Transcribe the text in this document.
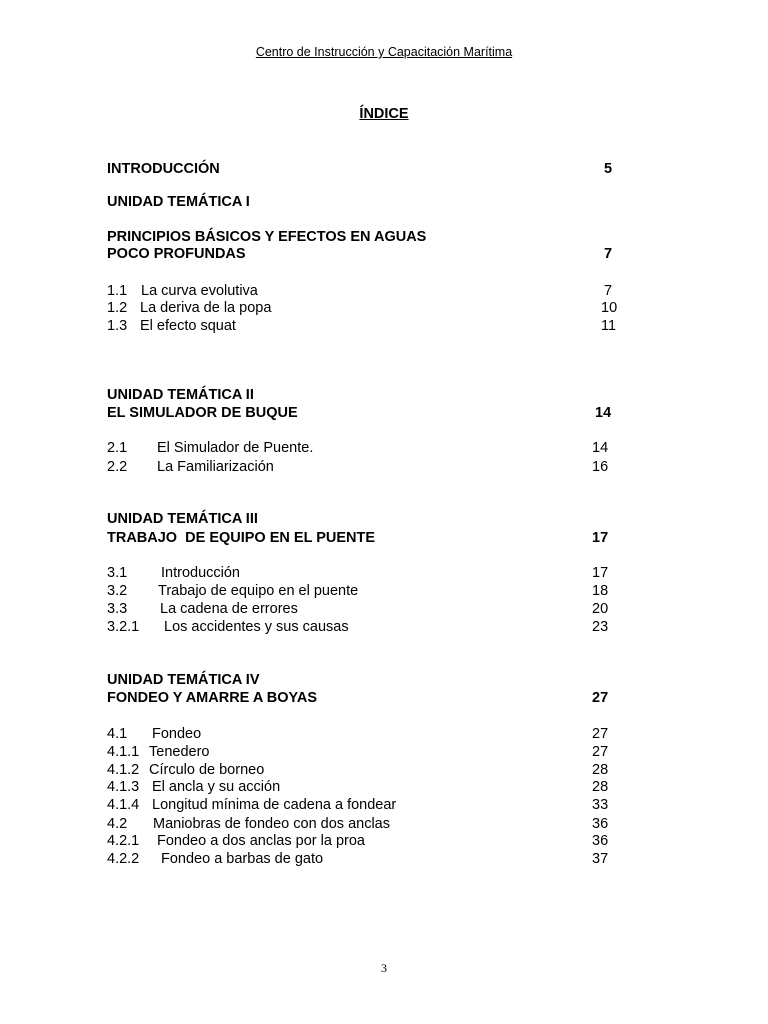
Centro de Instrucción y Capacitación Marítima
ÍNDICE
INTRODUCCIÓN	5
UNIDAD TEMÁTICA I
PRINCIPIOS BÁSICOS Y EFECTOS EN AGUAS
POCO PROFUNDAS	7
1.1 La curva evolutiva	7
1.2 La deriva de la popa	10
1.3 El efecto squat	11
UNIDAD TEMÁTICA II
EL SIMULADOR DE BUQUE	14
2.1 El Simulador de Puente.	14
2.2 La Familiarización	16
UNIDAD TEMÁTICA III
TRABAJO  DE EQUIPO EN EL PUENTE	17
3.1 Introducción	17
3.2 Trabajo de equipo en el puente	18
3.3 La cadena de errores	20
3.2.1 Los accidentes y sus causas	23
UNIDAD TEMÁTICA IV
FONDEO Y AMARRE A BOYAS	27
4.1 Fondeo	27
4.1.1 Tenedero	27
4.1.2 Círculo de borneo	28
4.1.3 El ancla y su acción	28
4.1.4 Longitud mínima de cadena a fondear	33
4.2 Maniobras de fondeo con dos anclas	36
4.2.1 Fondeo a dos anclas por la proa	36
4.2.2 Fondeo a barbas de gato	37
3
